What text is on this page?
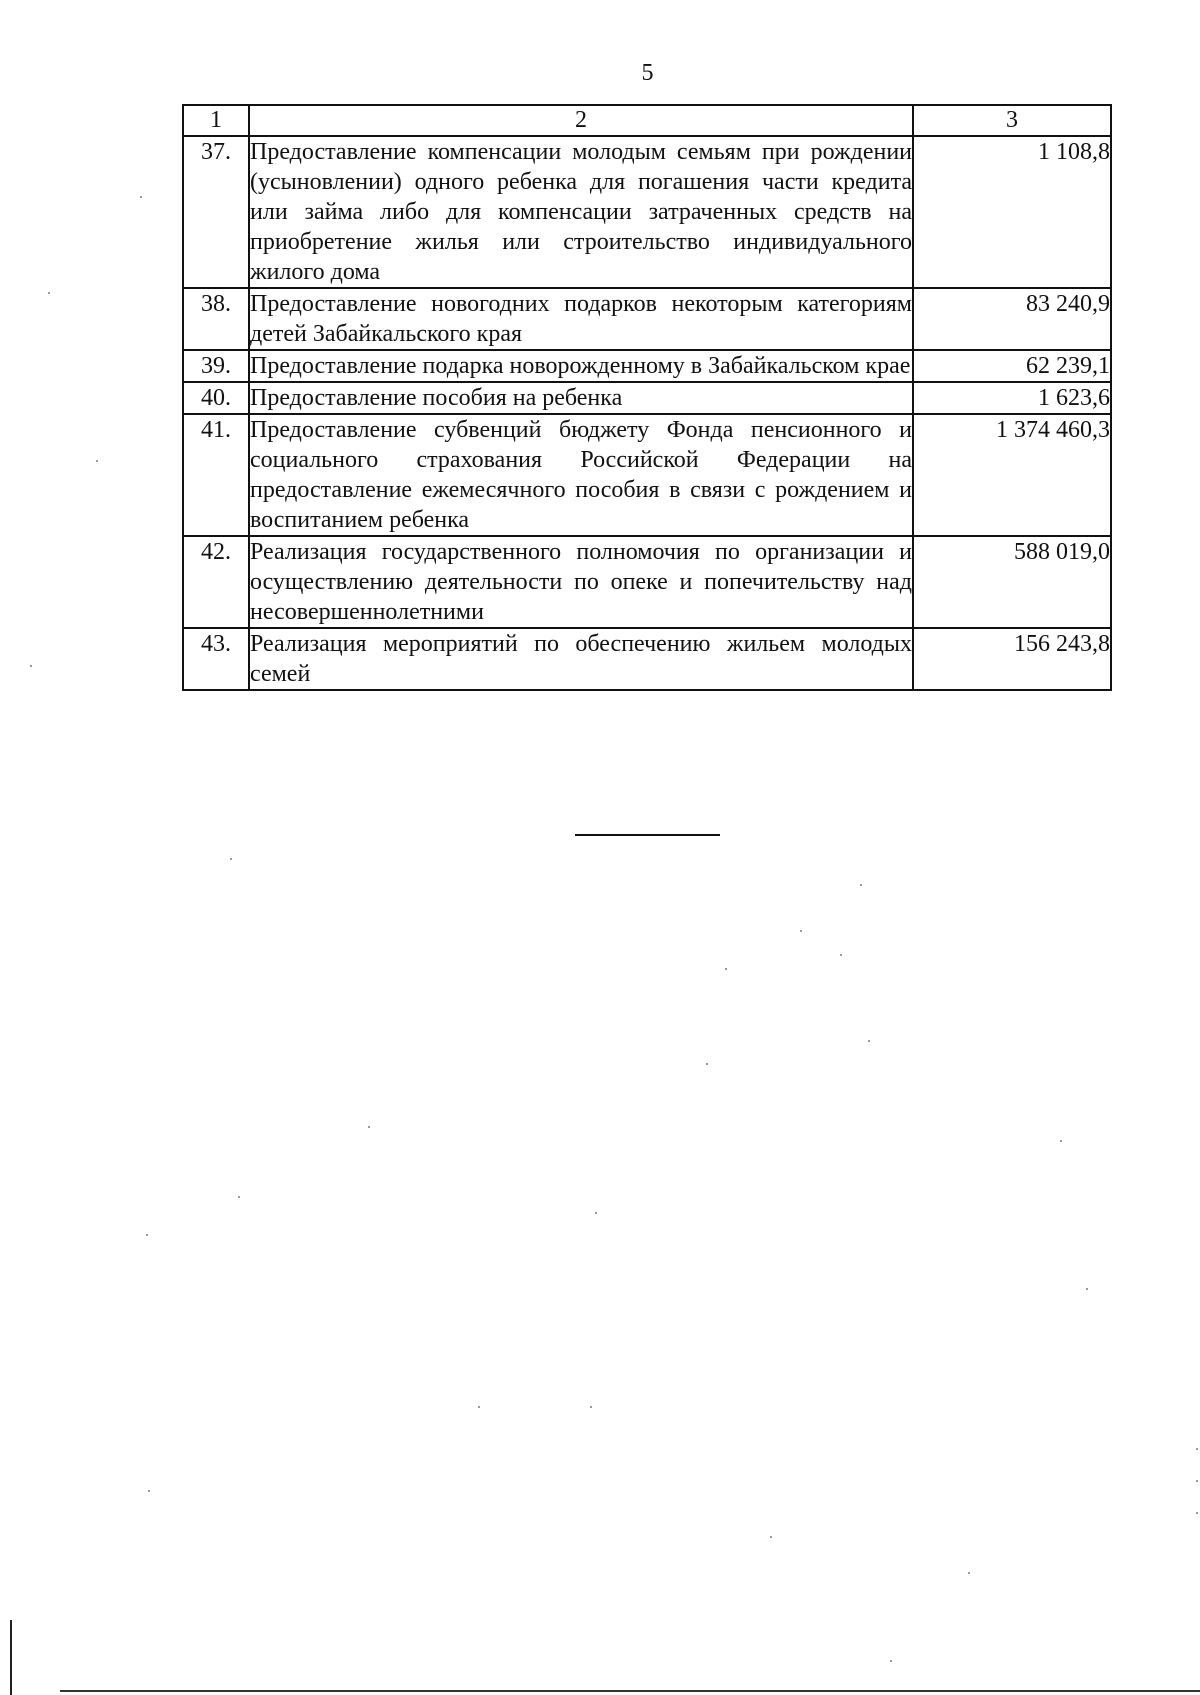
5
1	2	3
37.	Предоставление компенсации молодым семьям при рождении (усыновлении) одного ребенка для погашения части кредита или займа либо для компенсации затраченных средств на приобретение жилья или строительство индивидуального жилого дома	1 108,8
38.	Предоставление новогодних подарков некоторым категориям детей Забайкальского края	83 240,9
39.	Предоставление подарка новорожденному в Забайкальском крае	62 239,1
40.	Предоставление пособия на ребенка	1 623,6
41.	Предоставление субвенций бюджету Фонда пенсионного и социального страхования Российской Федерации на предоставление ежемесячного пособия в связи с рождением и воспитанием ребенка	1 374 460,3
42.	Реализация государственного полномочия по организации и осуществлению деятельности по опеке и попечительству над несовершеннолетними	588 019,0
43.	Реализация мероприятий по обеспечению жильем молодых семей	156 243,8
